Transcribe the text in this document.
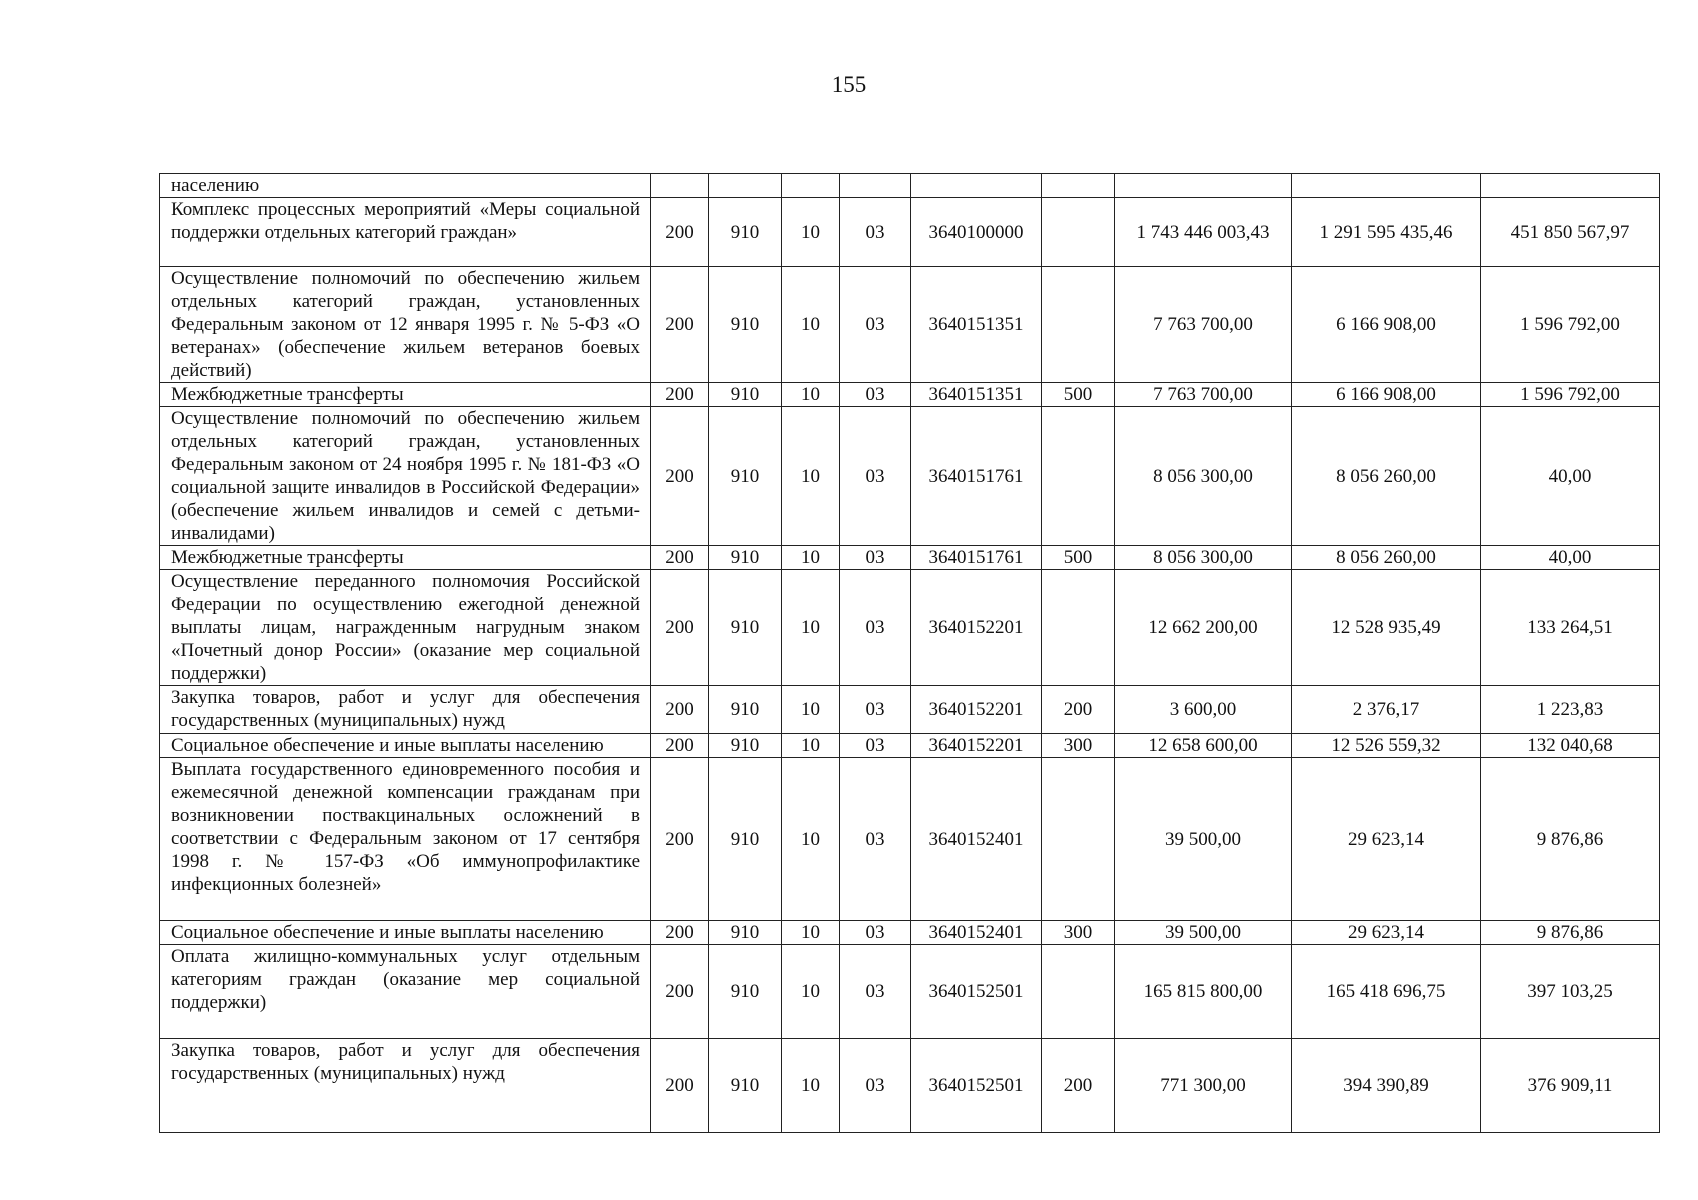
155
населению									
Комплекс процессных мероприятий «Меры социальной поддержки отдельных категорий граждан»	200	910	10	03	3640100000		1 743 446 003,43	1 291 595 435,46	451 850 567,97
Осуществление полномочий по обеспечению жильем отдельных категорий граждан, установленных Федеральным законом от 12 января 1995 г. № 5-ФЗ «О ветеранах» (обеспечение жильем ветеранов боевых действий)	200	910	10	03	3640151351		7 763 700,00	6 166 908,00	1 596 792,00
Межбюджетные трансферты	200	910	10	03	3640151351	500	7 763 700,00	6 166 908,00	1 596 792,00
Осуществление полномочий по обеспечению жильем отдельных категорий граждан, установленных Федеральным законом от 24 ноября 1995 г. № 181-ФЗ «О социальной защите инвалидов в Российской Федерации» (обеспечение жильем инвалидов и семей с детьми-инвалидами)	200	910	10	03	3640151761		8 056 300,00	8 056 260,00	40,00
Межбюджетные трансферты	200	910	10	03	3640151761	500	8 056 300,00	8 056 260,00	40,00
Осуществление переданного полномочия Российской Федерации по осуществлению ежегодной денежной выплаты лицам, награжденным нагрудным знаком «Почетный донор России» (оказание мер социальной поддержки)	200	910	10	03	3640152201		12 662 200,00	12 528 935,49	133 264,51
Закупка товаров, работ и услуг для обеспечения государственных (муниципальных) нужд	200	910	10	03	3640152201	200	3 600,00	2 376,17	1 223,83
Социальное обеспечение и иные выплаты населению	200	910	10	03	3640152201	300	12 658 600,00	12 526 559,32	132 040,68
Выплата государственного единовременного пособия и ежемесячной денежной компенсации гражданам при возникновении поствакцинальных осложнений в соответствии с Федеральным законом от 17 сентября 1998 г. № 157-ФЗ «Об иммунопрофилактике инфекционных болезней»	200	910	10	03	3640152401		39 500,00	29 623,14	9 876,86
Социальное обеспечение и иные выплаты населению	200	910	10	03	3640152401	300	39 500,00	29 623,14	9 876,86
Оплата жилищно-коммунальных услуг отдельным категориям граждан (оказание мер социальной поддержки)	200	910	10	03	3640152501		165 815 800,00	165 418 696,75	397 103,25
Закупка товаров, работ и услуг для обеспечения государственных (муниципальных) нужд	200	910	10	03	3640152501	200	771 300,00	394 390,89	376 909,11
